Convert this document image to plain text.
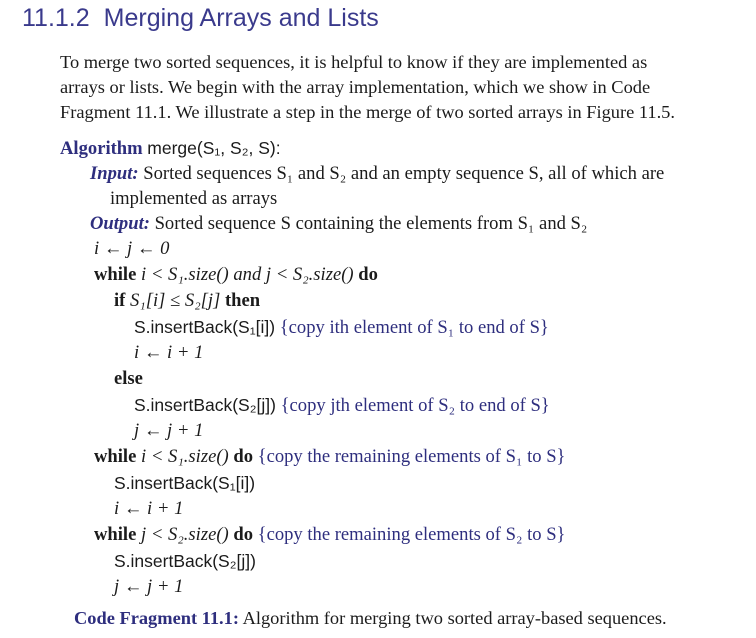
11.1.2 Merging Arrays and Lists
To merge two sorted sequences, it is helpful to know if they are implemented as
arrays or lists. We begin with the array implementation, which we show in Code
Fragment 11.1. We illustrate a step in the merge of two sorted arrays in Figure 11.5.
Algorithm merge(S₁, S₂, S):
Input: Sorted sequences S₁ and S₂ and an empty sequence S, all of which are
implemented as arrays
Output: Sorted sequence S containing the elements from S₁ and S₂
i ← j ← 0
while i < S₁.size() and j < S₂.size() do
if S₁[i] ≤ S₂[j] then
S.insertBack(S₁[i]) {copy ith element of S₁ to end of S}
i ← i + 1
else
S.insertBack(S₂[j]) {copy jth element of S₂ to end of S}
j ← j + 1
while i < S₁.size() do {copy the remaining elements of S₁ to S}
S.insertBack(S₁[i])
i ← i + 1
while j < S₂.size() do {copy the remaining elements of S₂ to S}
S.insertBack(S₂[j])
j ← j + 1
Code Fragment 11.1: Algorithm for merging two sorted array-based sequences.
